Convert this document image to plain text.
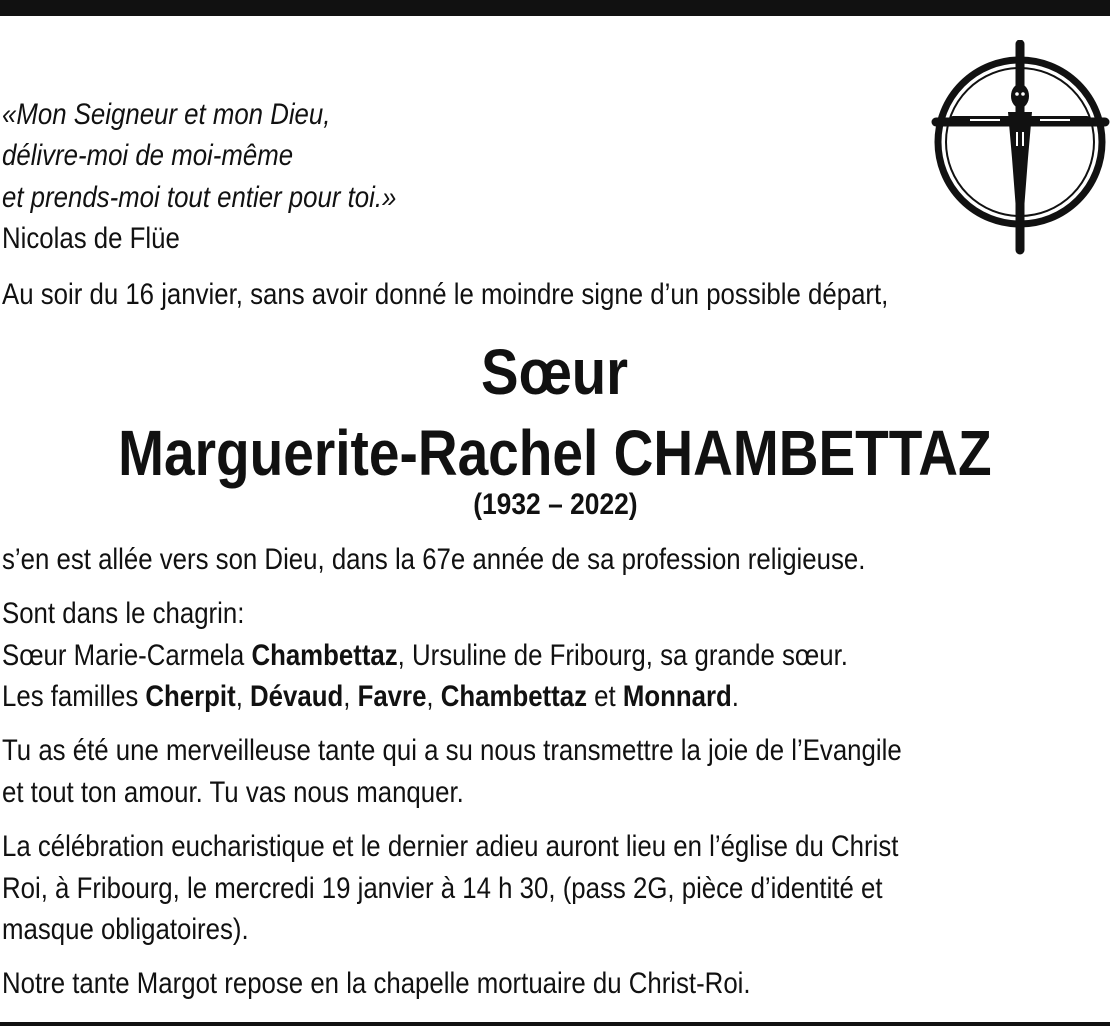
«Mon Seigneur et mon Dieu,
délivre-moi de moi-même
et prends-moi tout entier pour toi.»
Nicolas de Flüe
Au soir du 16 janvier, sans avoir donné le moindre signe d’un possible départ,
Sœur
Marguerite-Rachel CHAMBETTAZ
(1932 – 2022)
s’en est allée vers son Dieu, dans la 67e année de sa profession religieuse.
Sont dans le chagrin:
Sœur Marie-Carmela Chambettaz, Ursuline de Fribourg, sa grande sœur.
Les familles Cherpit, Dévaud, Favre, Chambettaz et Monnard.
Tu as été une merveilleuse tante qui a su nous transmettre la joie de l’Evangile
et tout ton amour. Tu vas nous manquer.
La célébration eucharistique et le dernier adieu auront lieu en l’église du Christ
Roi, à Fribourg, le mercredi 19 janvier à 14 h 30, (pass 2G, pièce d’identité et
masque obligatoires).
Notre tante Margot repose en la chapelle mortuaire du Christ-Roi.
